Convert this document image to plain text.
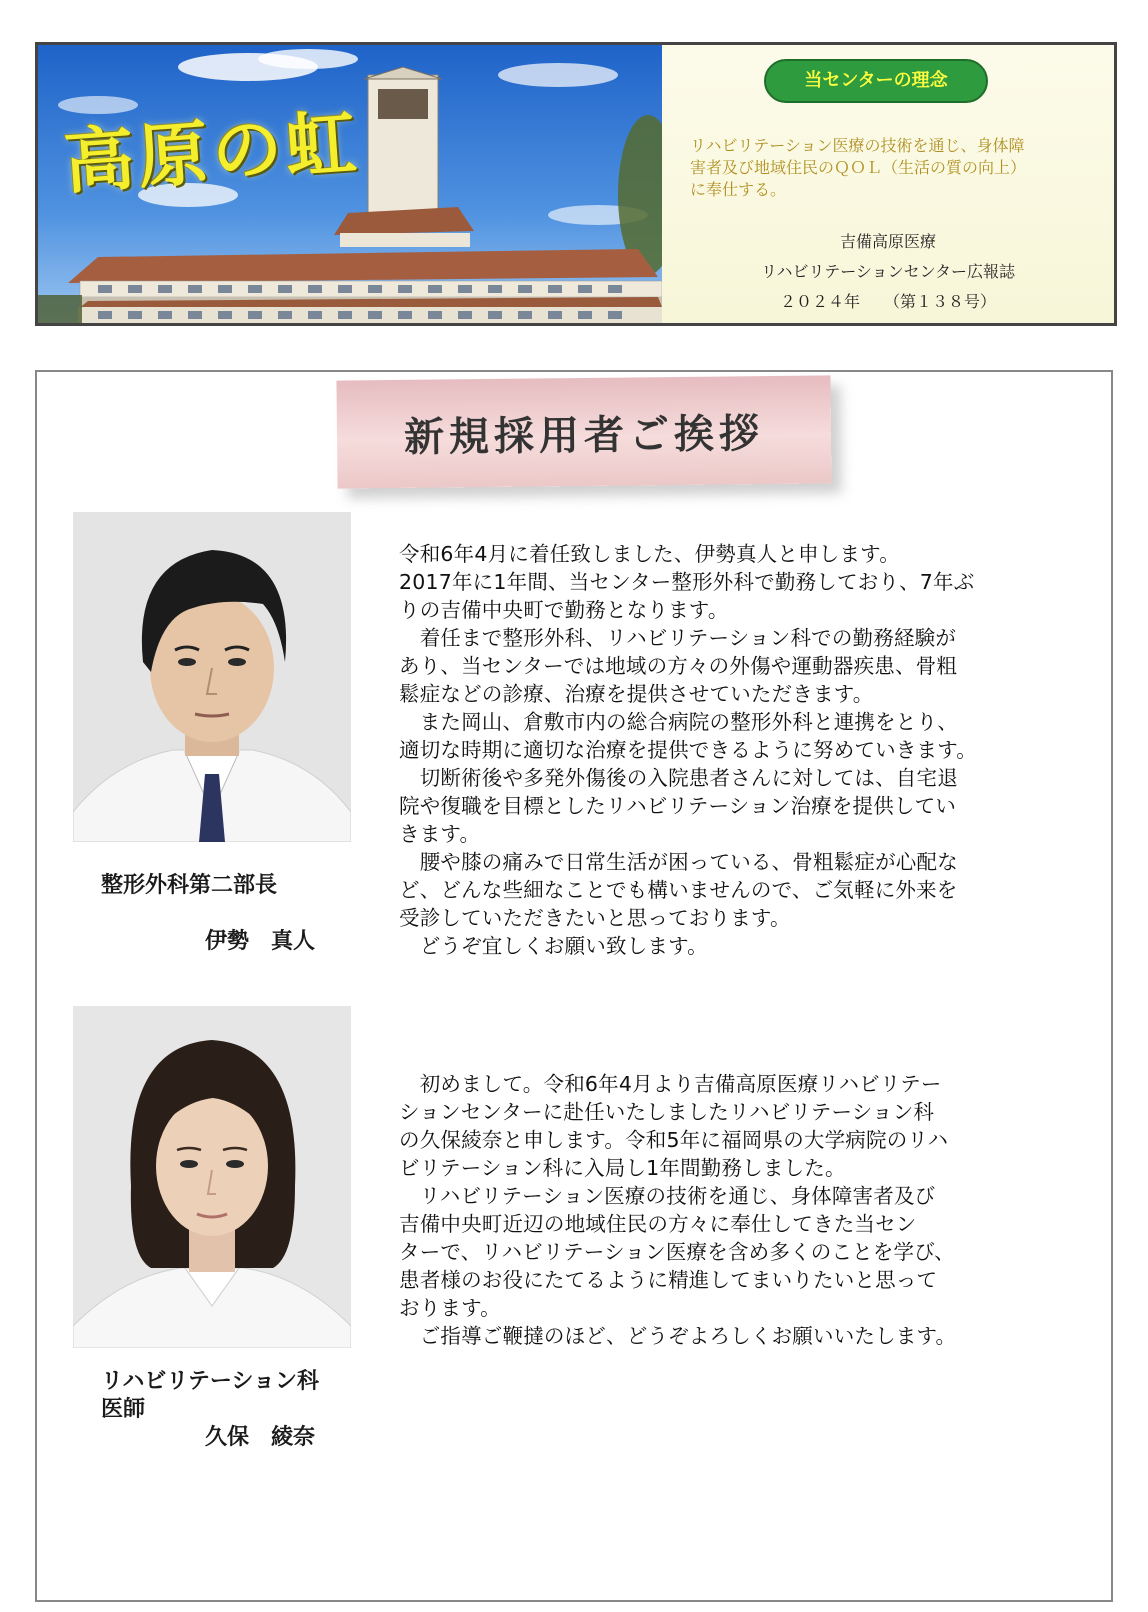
高原の虹
当センターの理念

リハビリテーション医療の技術を通じ、身体障
害者及び地域住民のＱＯＬ（生活の質の向上）
に奉仕する。

吉備高原医療

リハビリテーションセンター広報誌

２０２４年　　（第１３８号）

新規採用者ご挨拶
整形外科第二部長
伊勢　真人

令和6年4月に着任致しました、伊勢真人と申します。
2017年に1年間、当センター整形外科で勤務しており、7年ぶ
りの吉備中央町で勤務となります。
　着任まで整形外科、リハビリテーション科での勤務経験が
あり、当センターでは地域の方々の外傷や運動器疾患、骨粗
鬆症などの診療、治療を提供させていただきます。
　また岡山、倉敷市内の総合病院の整形外科と連携をとり、
適切な時期に適切な治療を提供できるように努めていきます。
　切断術後や多発外傷後の入院患者さんに対しては、自宅退
院や復職を目標としたリハビリテーション治療を提供してい
きます。
　腰や膝の痛みで日常生活が困っている、骨粗鬆症が心配な
ど、どんな些細なことでも構いませんので、ご気軽に外来を
受診していただきたいと思っております。
　どうぞ宜しくお願い致します。

リハビリテーション科
医師
久保　綾奈

　初めまして。令和6年4月より吉備高原医療リハビリテー
ションセンターに赴任いたしましたリハビリテーション科
の久保綾奈と申します。令和5年に福岡県の大学病院のリハ
ビリテーション科に入局し1年間勤務しました。
　リハビリテーション医療の技術を通じ、身体障害者及び
吉備中央町近辺の地域住民の方々に奉仕してきた当セン
ターで、リハビリテーション医療を含め多くのことを学び、
患者様のお役にたてるように精進してまいりたいと思って
おります。
　ご指導ご鞭撻のほど、どうぞよろしくお願いいたします。
